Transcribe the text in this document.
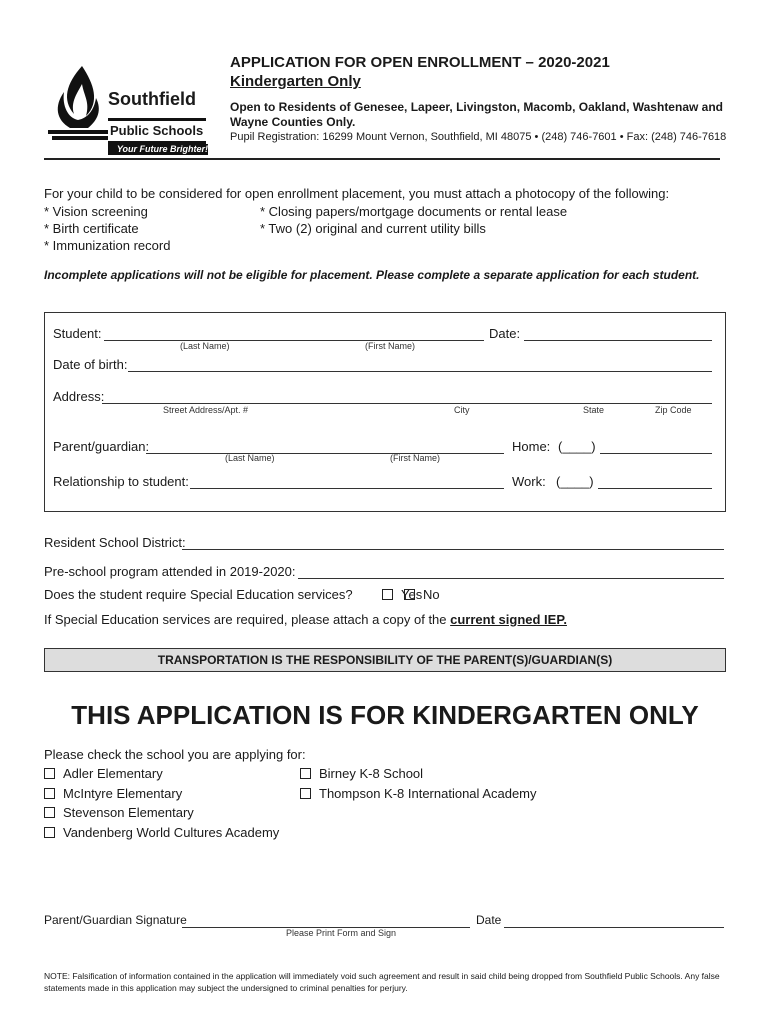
Southfield
Public Schools
Your Future Brighter!
APPLICATION FOR OPEN ENROLLMENT – 2020-2021
Kindergarten Only
Open to Residents of Genesee, Lapeer, Livingston, Macomb, Oakland, Washtenaw and Wayne Counties Only.
Pupil Registration: 16299 Mount Vernon, Southfield, MI 48075 • (248) 746-7601 • Fax: (248) 746-7618
For your child to be considered for open enrollment placement, you must attach a photocopy of the following:
* Vision screening	* Closing papers/mortgage documents or rental lease
* Birth certificate	* Two (2) original and current utility bills
* Immunization record
Incomplete applications will not be eligible for placement. Please complete a separate application for each student.
Student:
(Last Name)	(First Name)
Date:
Date of birth:
Address:
Street Address/Apt. #	City	State	Zip Code
Parent/guardian:
(Last Name)	(First Name)
Home: (____)
Relationship to student:	Work: (____)
Resident School District:
Pre-school program attended in 2019-2020:
Does the student require Special Education services?	Yes No
If Special Education services are required, please attach a copy of the current signed IEP.
TRANSPORTATION IS THE RESPONSIBILITY OF THE PARENT(S)/GUARDIAN(S)
THIS APPLICATION IS FOR KINDERGARTEN ONLY
Please check the school you are applying for:
Adler Elementary
McIntyre Elementary
Stevenson Elementary
Vandenberg World Cultures Academy
Birney K-8 School
Thompson K-8 International Academy
Parent/Guardian Signature
Please Print Form and Sign
Date
NOTE: Falsification of information contained in the application will immediately void such agreement and result in said child being dropped from Southfield Public Schools. Any false statements made in this application may subject the undersigned to criminal penalties for perjury.
